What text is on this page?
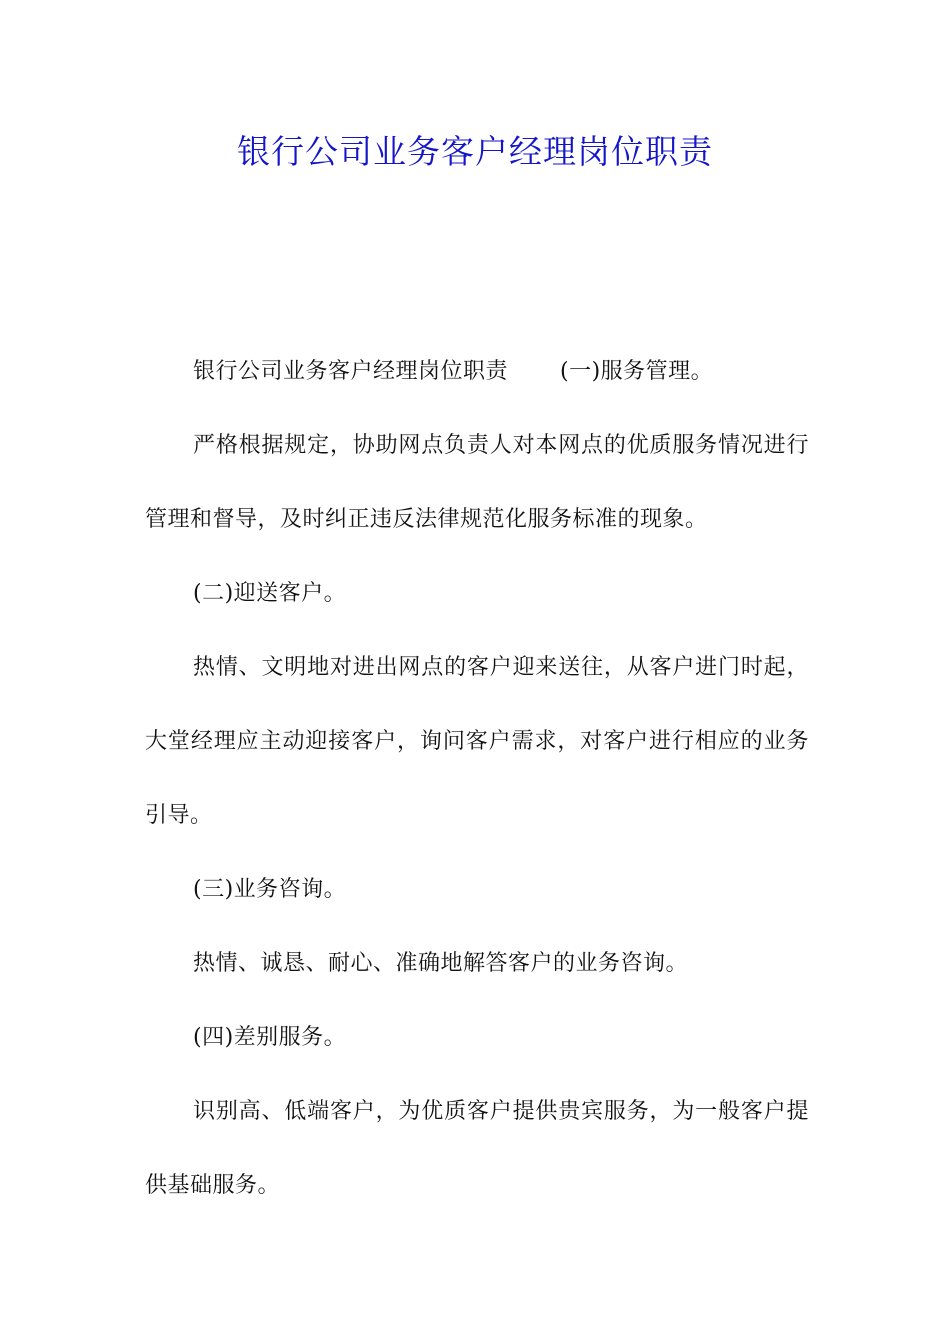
银行公司业务客户经理岗位职责

银行公司业务客户经理岗位职责 (一)服务管理。

严格根据规定，协助网点负责人对本网点的优质服务情况进行管理和督导，及时纠正违反法律规范化服务标准的现象。

(二)迎送客户。

热情、文明地对进出网点的客户迎来送往，从客户进门时起，大堂经理应主动迎接客户，询问客户需求，对客户进行相应的业务引导。

(三)业务咨询。

热情、诚恳、耐心、准确地解答客户的业务咨询。

(四)差别服务。

识别高、低端客户，为优质客户提供贵宾服务，为一般客户提供基础服务。
